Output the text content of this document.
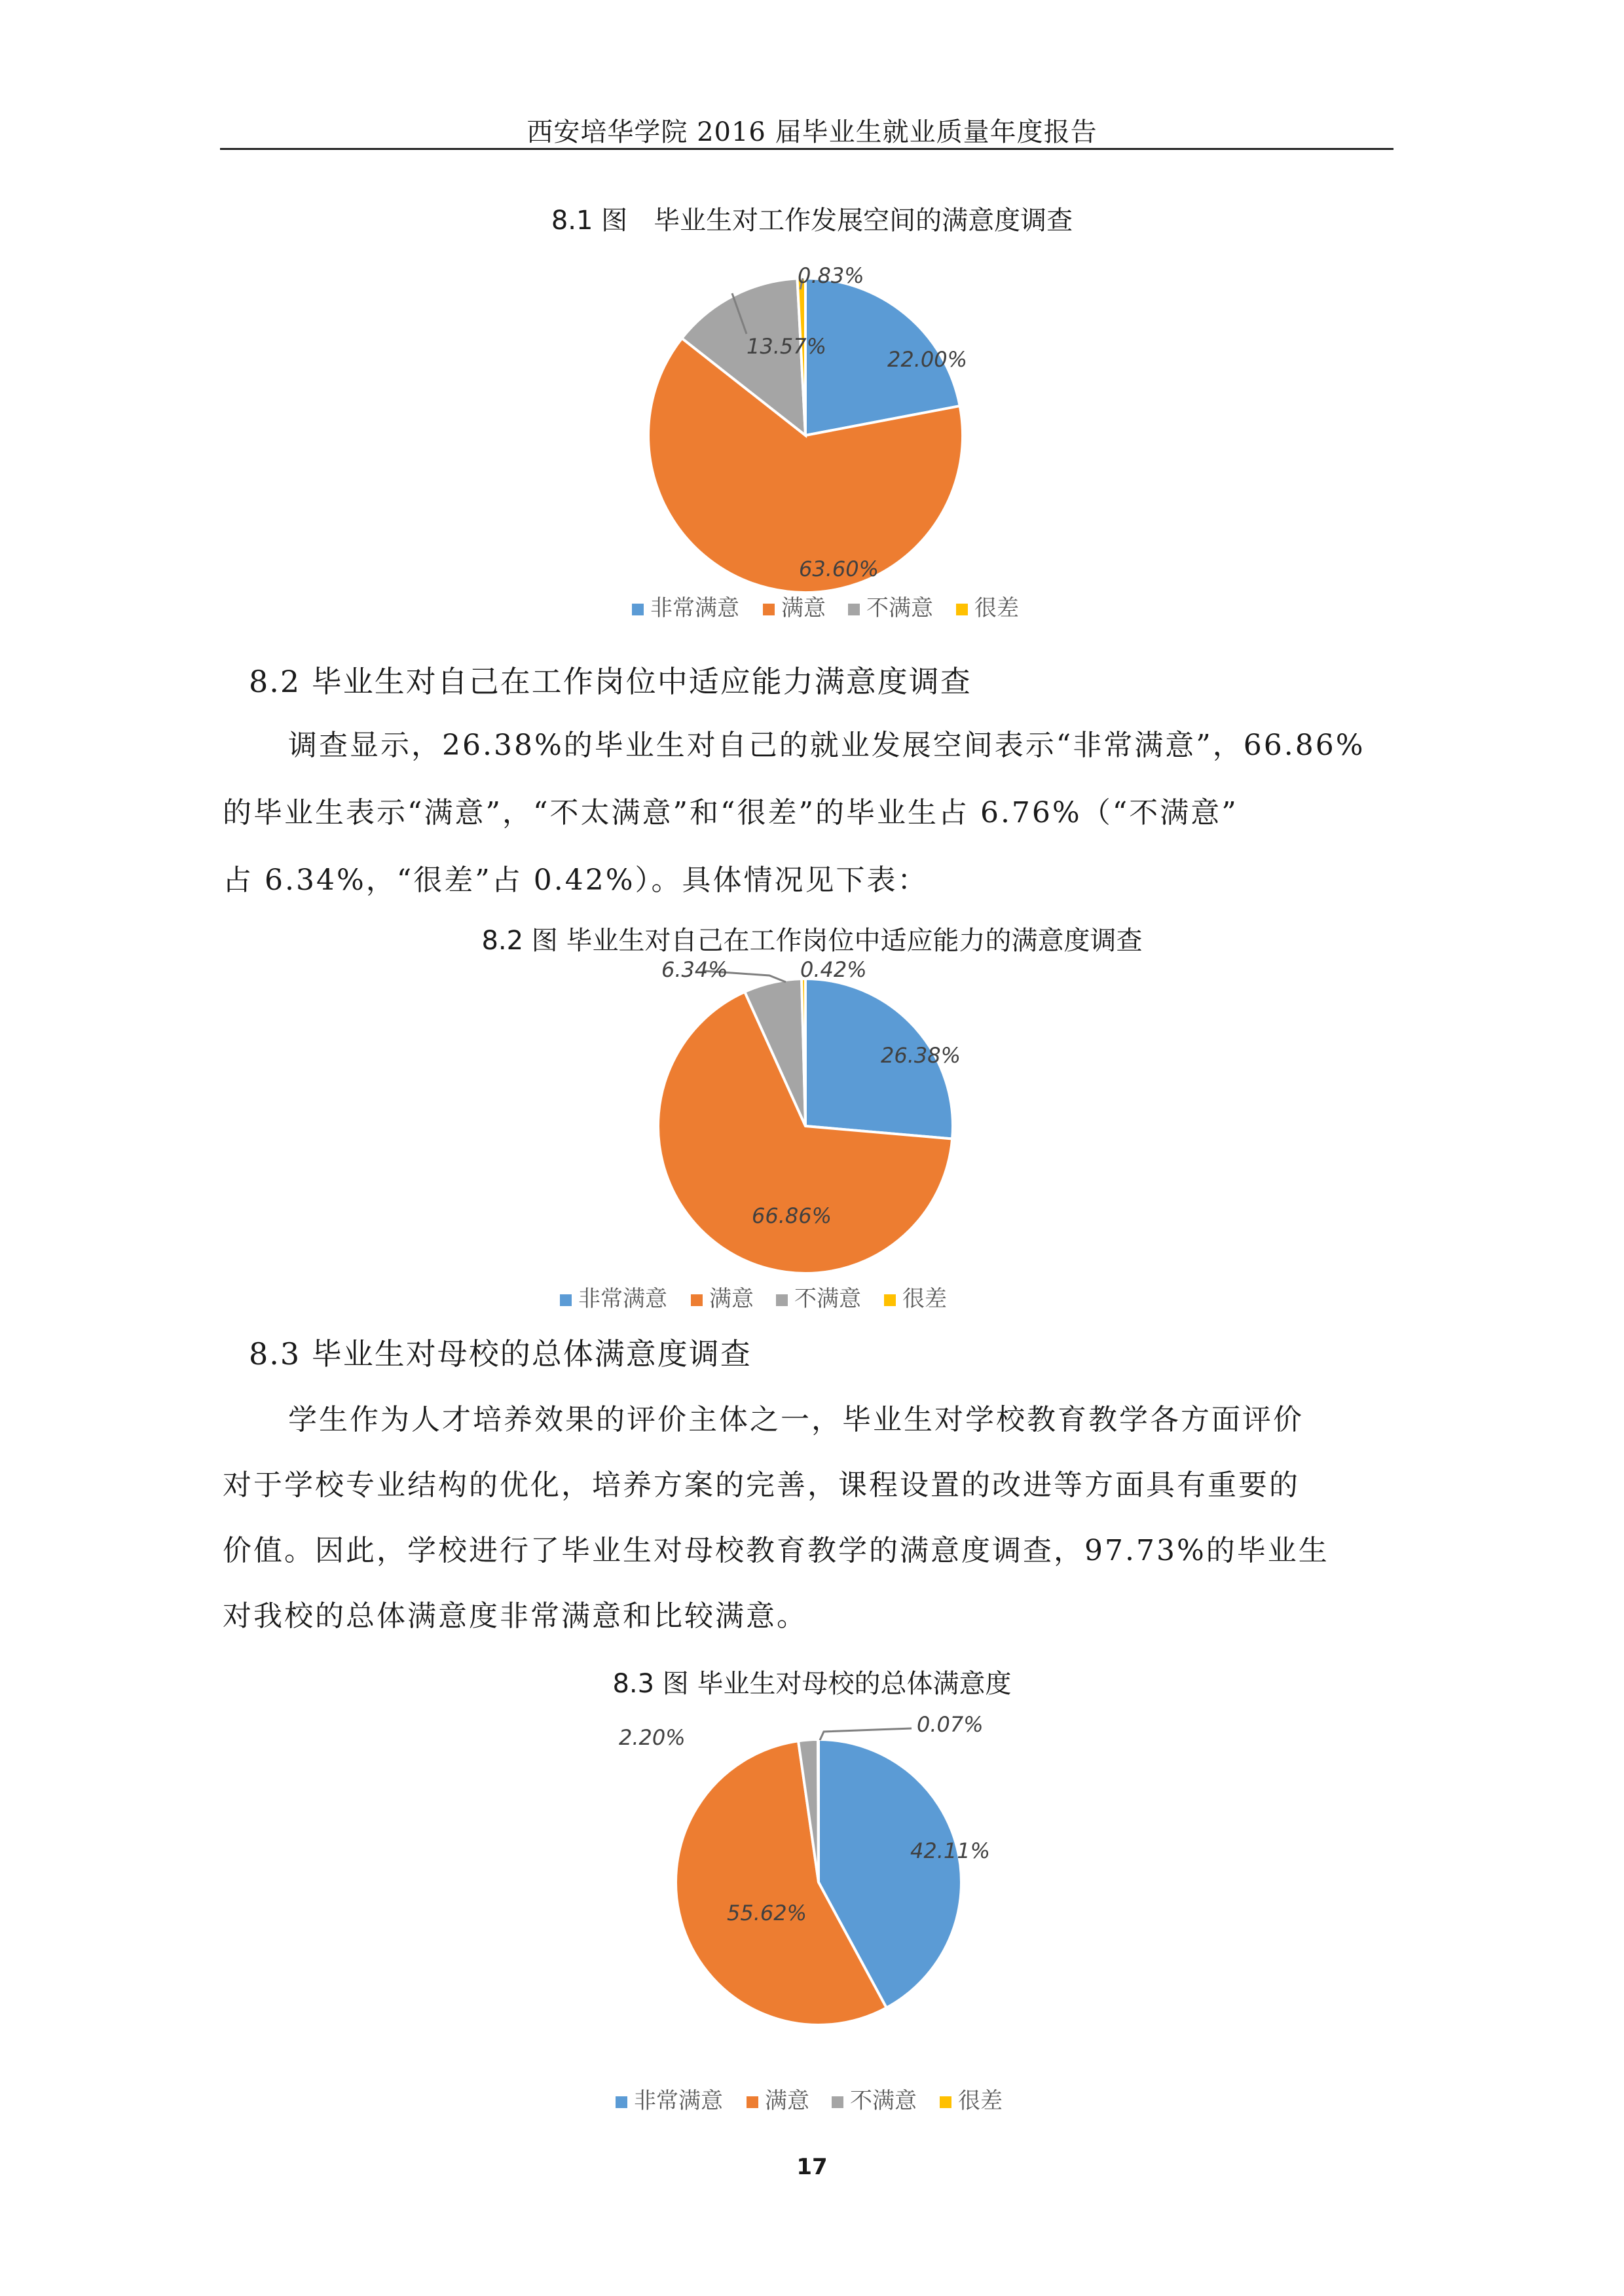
西安培华学院 2016 届毕业生就业质量年度报告
8.1 图　毕业生对工作发展空间的满意度调查
22.00%
63.60%
13.57%
0.83%
非常满意 满意 不满意 很差
26.38%
66.86%
6.34%	0.42%
非常满意 满意 不满意 很差
42.11%
55.62%
2.20%
0.07%
非常满意 满意 不满意 很差
8.2 毕业生对自己在工作岗位中适应能力满意度调查
调查显示，26.38%的毕业生对自己的就业发展空间表示“非常满意”，66.86%
的毕业生表示“满意”，“不太满意”和“很差”的毕业生占 6.76%（“不满意”
占 6.34%，“很差”占 0.42%）。具体情况见下表：
8.2 图 毕业生对自己在工作岗位中适应能力的满意度调查
8.3 毕业生对母校的总体满意度调查
学生作为人才培养效果的评价主体之一，毕业生对学校教育教学各方面评价
对于学校专业结构的优化，培养方案的完善，课程设置的改进等方面具有重要的
价值。因此，学校进行了毕业生对母校教育教学的满意度调查，97.73%的毕业生
对我校的总体满意度非常满意和比较满意。
8.3 图 毕业生对母校的总体满意度
17
